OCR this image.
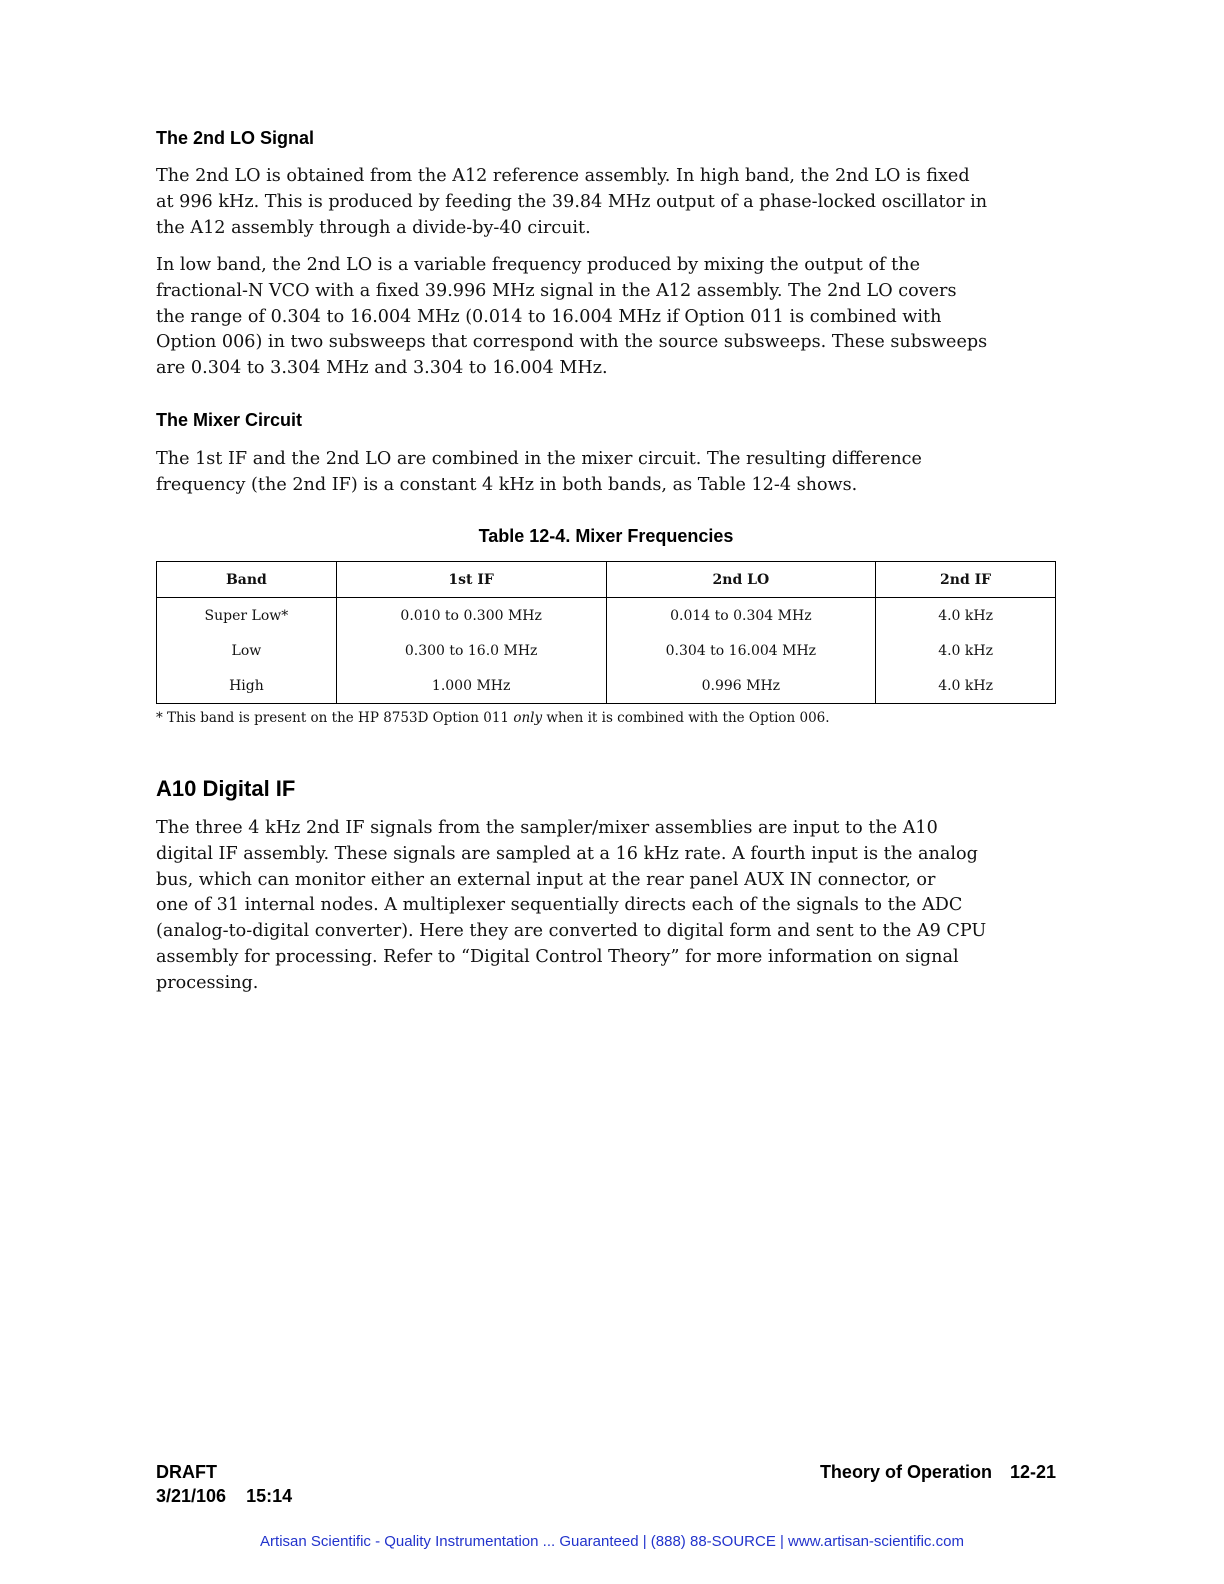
The 2nd LO Signal

The 2nd LO is obtained from the A12 reference assembly. In high band, the 2nd LO is fixed
at 996 kHz. This is produced by feeding the 39.84 MHz output of a phase-locked oscillator in
the A12 assembly through a divide-by-40 circuit.

In low band, the 2nd LO is a variable frequency produced by mixing the output of the
fractional-N VCO with a fixed 39.996 MHz signal in the A12 assembly. The 2nd LO covers
the range of 0.304 to 16.004 MHz (0.014 to 16.004 MHz if Option 011 is combined with
Option 006) in two subsweeps that correspond with the source subsweeps. These subsweeps
are 0.304 to 3.304 MHz and 3.304 to 16.004 MHz.

The Mixer Circuit

The 1st IF and the 2nd LO are combined in the mixer circuit. The resulting difference
frequency (the 2nd IF) is a constant 4 kHz in both bands, as Table 12-4 shows.

Table 12-4. Mixer Frequencies

Band	1st IF	2nd LO	2nd IF
Super Low*	0.010 to 0.300 MHz	0.014 to 0.304 MHz	4.0 kHz
Low	0.300 to 16.0 MHz	0.304 to 16.004 MHz	4.0 kHz
High	1.000 MHz	0.996 MHz	4.0 kHz

* This band is present on the HP 8753D Option 011 only when it is combined with the Option 006.

A10 Digital IF

The three 4 kHz 2nd IF signals from the sampler/mixer assemblies are input to the A10
digital IF assembly. These signals are sampled at a 16 kHz rate. A fourth input is the analog
bus, which can monitor either an external input at the rear panel AUX IN connector, or
one of 31 internal nodes. A multiplexer sequentially directs each of the signals to the ADC
(analog-to-digital converter). Here they are converted to digital form and sent to the A9 CPU
assembly for processing. Refer to “Digital Control Theory” for more information on signal
processing.

DRAFT
3/21/106    15:14
Theory of Operation 12-21

Artisan Scientific - Quality Instrumentation ... Guaranteed | (888) 88-SOURCE | www.artisan-scientific.com
